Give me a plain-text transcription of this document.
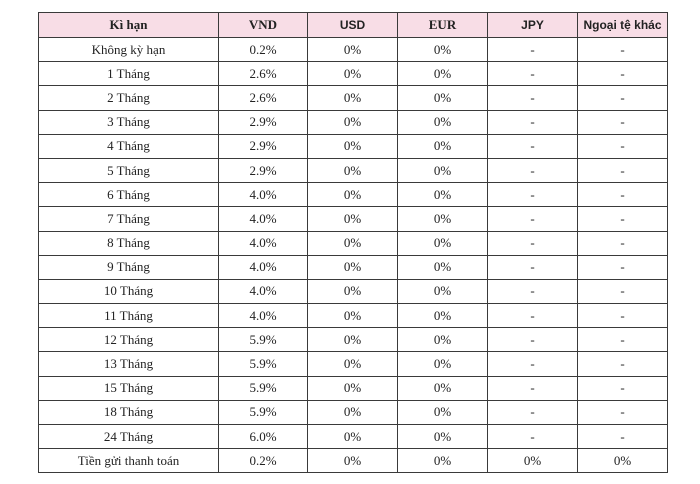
Kì hạn	VND	USD	EUR	JPY	Ngoại tệ khác
Không kỳ hạn	0.2%	0%	0%	-	-
1 Tháng	2.6%	0%	0%	-	-
2 Tháng	2.6%	0%	0%	-	-
3 Tháng	2.9%	0%	0%	-	-
4 Tháng	2.9%	0%	0%	-	-
5 Tháng	2.9%	0%	0%	-	-
6 Tháng	4.0%	0%	0%	-	-
7 Tháng	4.0%	0%	0%	-	-
8 Tháng	4.0%	0%	0%	-	-
9 Tháng	4.0%	0%	0%	-	-
10 Tháng	4.0%	0%	0%	-	-
11 Tháng	4.0%	0%	0%	-	-
12 Tháng	5.9%	0%	0%	-	-
13 Tháng	5.9%	0%	0%	-	-
15 Tháng	5.9%	0%	0%	-	-
18 Tháng	5.9%	0%	0%	-	-
24 Tháng	6.0%	0%	0%	-	-
Tiền gửi thanh toán	0.2%	0%	0%	0%	0%
